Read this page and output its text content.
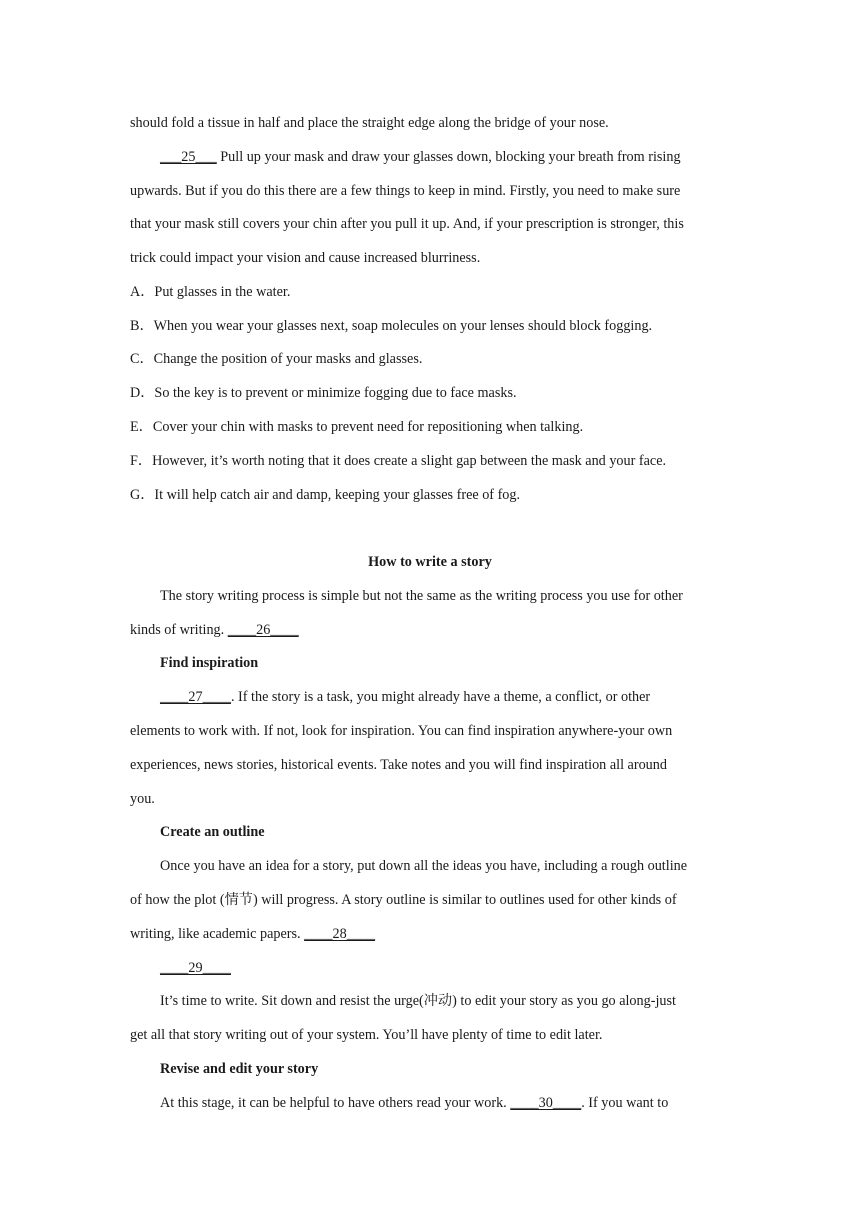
should fold a tissue in half and place the straight edge along the bridge of your nose.
___25___ Pull up your mask and draw your glasses down, blocking your breath from rising
upwards. But if you do this there are a few things to keep in mind. Firstly, you need to make sure
that your mask still covers your chin after you pull it up. And, if your prescription is stronger, this
trick could impact your vision and cause increased blurriness.
A．Put glasses in the water.
B．When you wear your glasses next, soap molecules on your lenses should block fogging.
C．Change the position of your masks and glasses.
D．So the key is to prevent or minimize fogging due to face masks.
E．Cover your chin with masks to prevent need for repositioning when talking.
F．However, it’s worth noting that it does create a slight gap between the mask and your face.
G．It will help catch air and damp, keeping your glasses free of fog.
How to write a story
The story writing process is simple but not the same as the writing process you use for other
kinds of writing. ____26____
Find inspiration
____27____. If the story is a task, you might already have a theme, a conflict, or other
elements to work with. If not, look for inspiration. You can find inspiration anywhere-your own
experiences, news stories, historical events. Take notes and you will find inspiration all around
you.
Create an outline
Once you have an idea for a story, put down all the ideas you have, including a rough outline
of how the plot (情节) will progress. A story outline is similar to outlines used for other kinds of
writing, like academic papers. ____28____
____29____
It’s time to write. Sit down and resist the urge(冲动) to edit your story as you go along-just
get all that story writing out of your system. You’ll have plenty of time to edit later.
Revise and edit your story
At this stage, it can be helpful to have others read your work. ____30____. If you want to
